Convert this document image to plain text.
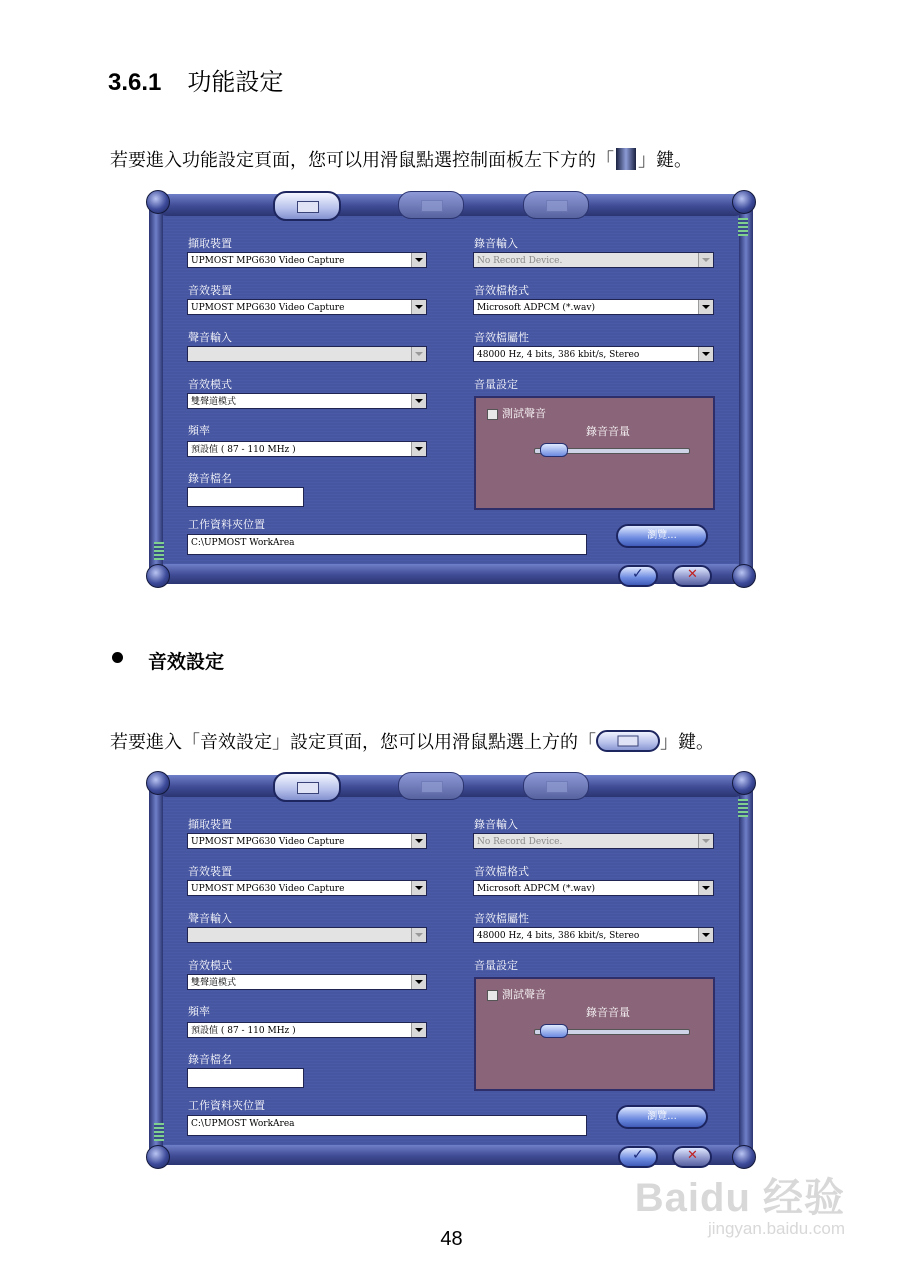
3.6.1 功能設定
若要進入功能設定頁面，您可以用滑鼠點選控制面板左下方的「 」鍵。
擷取裝置
UPMOST MPG630 Video Capture
音效裝置
UPMOST MPG630 Video Capture
聲音輸入
音效模式
雙聲道模式
頻率
預設值 ( 87 - 110 MHz )
錄音檔名
工作資料夾位置
C:\UPMOST WorkArea
錄音輸入
No Record Device.
音效檔格式
Microsoft ADPCM (*.wav)
音效檔屬性
48000 Hz, 4 bits, 386 kbit/s, Stereo
音量設定
測試聲音
錄音音量
瀏覽...
✓
✕
音效設定
若要進入「音效設定」設定頁面，您可以用滑鼠點選上方的「	」鍵。
擷取裝置
UPMOST MPG630 Video Capture
音效裝置
UPMOST MPG630 Video Capture
聲音輸入
音效模式
雙聲道模式
頻率
預設值 ( 87 - 110 MHz )
錄音檔名
工作資料夾位置
C:\UPMOST WorkArea
錄音輸入
No Record Device.
音效檔格式
Microsoft ADPCM (*.wav)
音效檔屬性
48000 Hz, 4 bits, 386 kbit/s, Stereo
音量設定
測試聲音
錄音音量
瀏覽...
✓
✕
Baidu 经验
jingyan.baidu.com
48
